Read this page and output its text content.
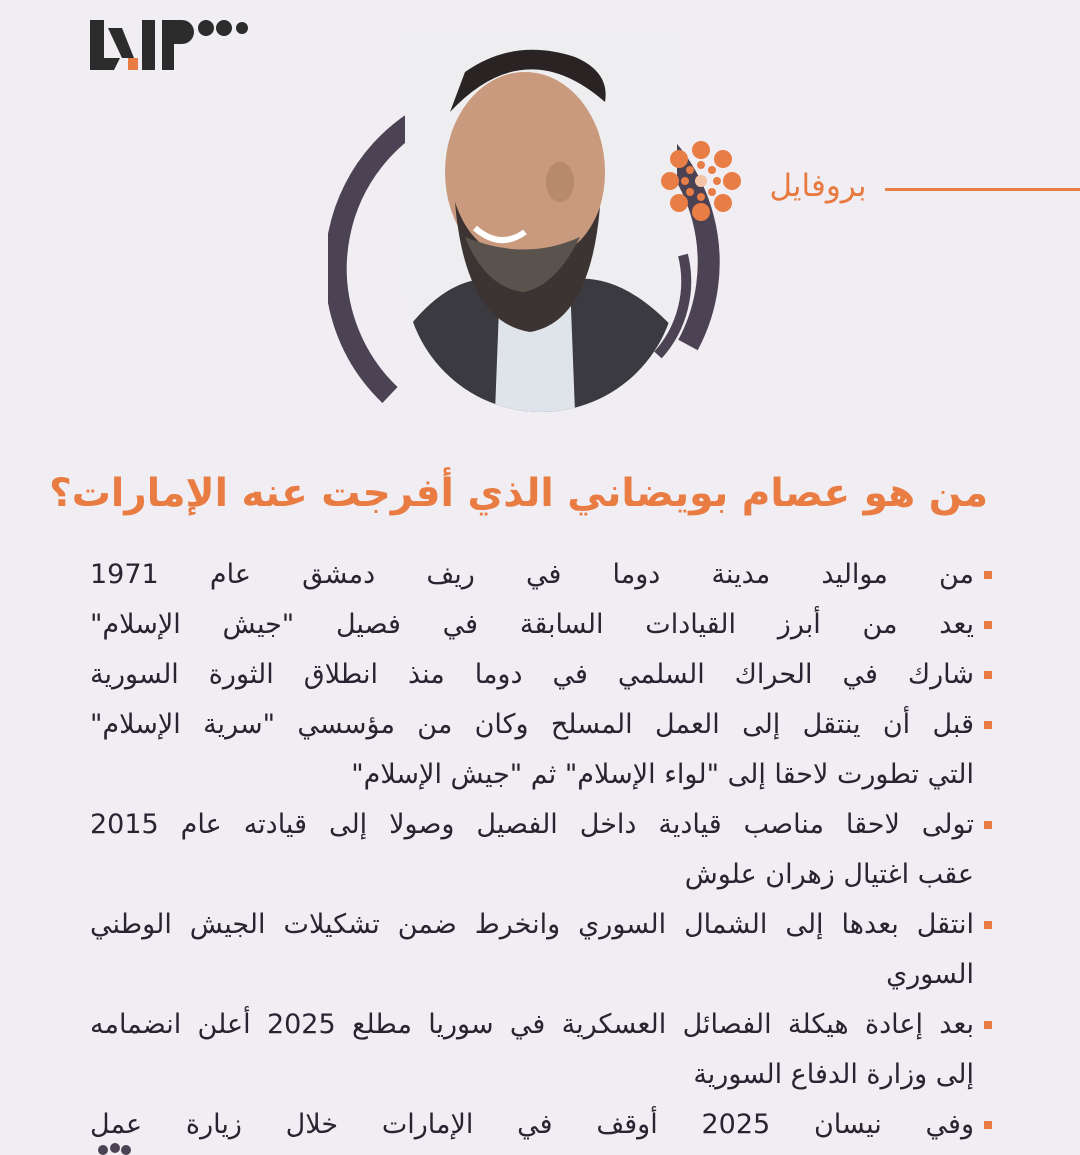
بروفايل
من هو عصام بويضاني الذي أفرجت عنه الإمارات؟
من مواليد مدينة دوما في ريف دمشق عام 1971
يعد من أبرز القيادات السابقة في فصيل "جيش الإسلام"
شارك في الحراك السلمي في دوما منذ انطلاق الثورة السورية
قبل أن ينتقل إلى العمل المسلح وكان من مؤسسي "سرية الإسلام"
التي تطورت لاحقا إلى "لواء الإسلام" ثم "جيش الإسلام"
تولى لاحقا مناصب قيادية داخل الفصيل وصولا إلى قيادته عام 2015
عقب اغتيال زهران علوش
انتقل بعدها إلى الشمال السوري وانخرط ضمن تشكيلات الجيش الوطني السوري
بعد إعادة هيكلة الفصائل العسكرية في سوريا مطلع 2025 أعلن انضمامه
إلى وزارة الدفاع السورية
وفي نيسان 2025 أوقف في الإمارات خلال زيارة عمل
